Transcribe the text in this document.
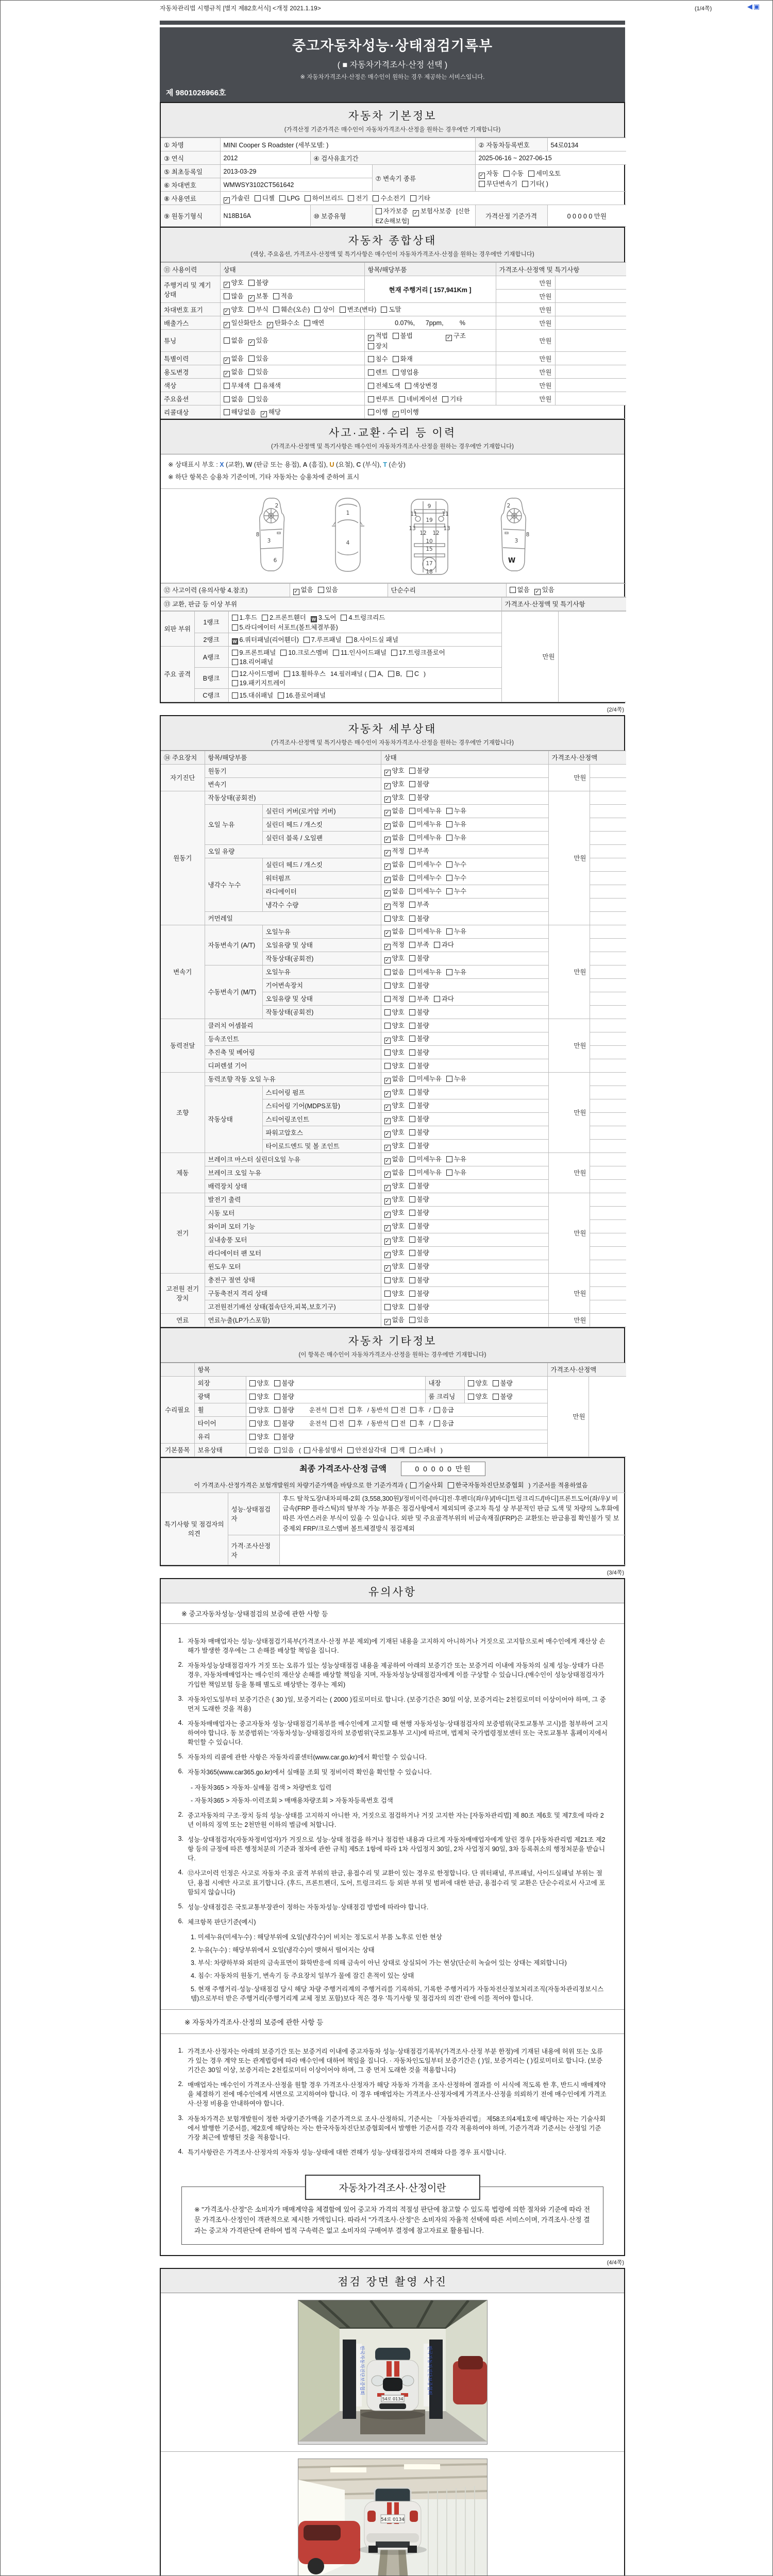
자동차관리법 시행규칙 [별지 제82호서식] <개정 2021.1.19>	(1/4쪽)	◀▣
중고자동차성능·상태점검기록부
( ■ 자동차가격조사·산정 선택 )
※ 자동차가격조사·산정은 매수인이 원하는 경우 제공하는 서비스입니다.
제 9801026966호
자동차 기본정보
(가격산정 기준가격은 매수인이 자동차가격조사·산정을 원하는 경우에만 기재합니다)
① 차명	MINI Cooper S Roadster (세부모델: )			② 자동차등록번호	54로0134
③ 연식	2012	④ 검사유효기간		2025-06-16 ~ 2027-06-15	
⑤ 최초등록일	2013-03-29		⑦ 변속기 종류	✓ 자동 수동 세미오토
무단변속기 기타( )	
⑥ 차대번호	WMWSY3102CT561642				
⑧ 사용연료	✓ 가솔린 디젤 LPG 하이브리드 전기 수소전기 기타				
⑨ 원동기형식	N18B16A	⑩ 보증유형	자가보증 ✓ 보험사보증 [신한EZ손해보험]	가격산정 기준가격	0 0 0 0 0 만원
자동차 종합상태
(색상, 주요옵션, 가격조사·산정액 및 특기사항은 매수인이 자동차가격조사·산정을 원하는 경우에만 기재합니다)
⑪ 사용이력	상태	항목/해당부품	가격조사·산정액 및 특기사항	
주행거리 및 계기상태	✓ 양호 불량	현재 주행거리 [ 157,941Km ]	만원	
	많음 ✓ 보통 적음		만원	
차대번호 표기	✓ 양호 부식 훼손(오손) 상이 변조(변타) 도말		만원	
배출가스	✓ 일산화탄소 ✓ 탄화수소 매연	0.07%,      7ppm,         %	만원	
튜닝	없음 ✓ 있음	✓ 적법 불법 ✓ 구조장치	만원	
특별이력	✓ 없음 있음	침수 화재	만원	
용도변경	✓ 없음 있음	렌트 영업용	만원	
색상	무채색 유채색	전체도색 색상변경	만원	
주요옵션	없음 있음	썬루프 네비게이션 기타	만원	
리콜대상	해당없음 ✓ 해당	이행 ✓ 미이행		
사고·교환·수리 등 이력
(가격조사·산정액 및 특기사항은 매수인이 자동차가격조사·산정을 원하는 경우에만 기재합니다)
※ 상태표시 부호 : X (교환), W (판금 또는 용접), A (흠집), U (요철), C (부식), T (손상)
※ 하단 항목은 승용차 기준이며, 기타 자동차는 승용차에 준하여 표시
2
8
3
6
1
4
9
11	11
19
13	13
12 12
10
15
17
18
2
8
3
W
⑫ 사고이력 (유의사항 4.참조)	✓ 없음 있음	단순수리	없음 ✓ 있음
⑬ 교환, 판금 등 이상 부위	가격조사·산정액 및 특기사항
외판 부위	1랭크	1.후드 2.프론트휀더 W 3.도어 4.트렁크리드
5.라디에이터 서포트(볼트체결부품)	만원	
	2랭크	W 6.쿼터패널(리어휀더) 7.루프패널 8.사이드실 패널		
주요 골격	A랭크	9.프론트패널 10.크로스멤버 11.인사이드패널 17.트렁크플로어
18.리어패널		
	B랭크	12.사이드멤버 13.휠하우스 14.필러패널 ( A, B, C )
19.패키지트레이		
	C랭크	15.대쉬패널 16.플로어패널		
(2/4쪽)
자동차 세부상태
(가격조사·산정액 및 특기사항은 매수인이 자동차가격조사·산정을 원하는 경우에만 기재합니다)
⑭ 주요장치	항목/해당부품		상태	가격조사·산정액	
자기진단	원동기		✓ 양호 불량	만원	
	변속기		✓ 양호 불량		
원동기	작동상태(공회전)		✓ 양호 불량	만원	
	오일 누유	실린더 커버(로커암 커버)	✓ 없음 미세누유 누유		
		실린더 헤드 / 개스킷	✓ 없음 미세누유 누유		
		실린더 블록 / 오일팬	✓ 없음 미세누유 누유		
	오일 유량		✓ 적정 부족		
	냉각수 누수	실린더 헤드 / 개스킷	✓ 없음 미세누수 누수		
		워터펌프	✓ 없음 미세누수 누수		
		라디에이터	✓ 없음 미세누수 누수		
		냉각수 수량	✓ 적정 부족		
	커먼레일		양호 불량		
변속기	자동변속기 (A/T)	오일누유	✓ 없음 미세누유 누유	만원	
		오일유량 및 상태	✓ 적정 부족 과다		
		작동상태(공회전)	✓ 양호 불량		
	수동변속기 (M/T)	오일누유	없음 미세누유 누유		
		기어변속장치	양호 불량		
		오일유량 및 상태	적정 부족 과다		
		작동상태(공회전)	양호 불량		
동력전달	클러치 어셈블리		양호 불량	만원	
	등속조인트		✓ 양호 불량		
	추진축 및 베어링		양호 불량		
	디퍼렌셜 기어		양호 불량		
조향	동력조향 작동 오일 누유		✓ 없음 미세누유 누유	만원	
	작동상태	스티어링 펌프	✓ 양호 불량		
		스티어링 기어(MDPS포함)	✓ 양호 불량		
		스티어링조인트	✓ 양호 불량		
		파워고압호스	✓ 양호 불량		
		타이로드엔드 및 볼 조인트	✓ 양호 불량		
제동	브레이크 마스터 실린더오일 누유		✓ 없음 미세누유 누유	만원	
	브레이크 오일 누유		✓ 없음 미세누유 누유		
	배력장치 상태		✓ 양호 불량		
전기	발전기 출력		✓ 양호 불량	만원	
	시동 모터		✓ 양호 불량		
	와이퍼 모터 기능		✓ 양호 불량		
	실내송풍 모터		✓ 양호 불량		
	라디에이터 팬 모터		✓ 양호 불량		
	윈도우 모터		✓ 양호 불량		
고전원 전기장치	충전구 절연 상태		양호 불량	만원	
	구동축전지 격리 상태		양호 불량		
	고전원전기배선 상태(접속단자,피복,보호기구)		양호 불량		
연료	연료누출(LP가스포함)		✓ 없음 있음	만원	
자동차 기타정보
(이 항목은 매수인이 자동차가격조사·산정을 원하는 경우에만 기재합니다)
	항목				가격조사·산정액	
수리필요	외장	양호 불량	내장	양호 불량	만원	
	광택	양호 불량	룸 크리닝	양호 불량		
	휠	양호 불량 운전석 전 후 / 동반석 전 후 / 응급				
	타이어	양호 불량 운전석 전 후 / 동반석 전 후 / 응급				
	유리	양호 불량				
기본품목	보유상태	없음 있음 ( 사용설명서 안전삼각대 잭 스패너 )				
최종 가격조사·산정 금액	0 0 0 0 0 만원
이 가격조사·산정가격은 보험개발원의 차량기준가액을 바탕으로 한 기준가격과 ( 기술사회 한국자동차진단보증협회 ) 기준서를 적용하였음
특기사항 및 점검자의 의견	성능·상태점검자	후드 탈착도장/내차피해-2회 (3,558,300원)/정비이력-[바디]전·후펜더(좌/우)/[바디]트렁크리드/[바디]프론트도어(좌/우)/ 비금속(FRP 플라스틱)의 탈부착 가능 부품은 점검사항에서 제외되며 중고차 특성 상 부분적인 판금 도색 및 차량의 노후화에 따른 자연스러운 부식이 있을 수 있습니다. 외판 및 주요골격부위의 비금속재질(FRP)은 교환또는 판금용접 확인불가 및 보증제외 FRP/크로스멤버 볼트체결방식 점검제외
	가격·조사산정자	
(3/4쪽)
유의사항
※ 중고자동차성능·상태점검의 보증에 관한 사항 등
1. 자동차 매매업자는 성능·상태점검기록부(가격조사·산정 부분 제외)에 기재된 내용을 고지하지 아니하거나 거짓으로 고지함으로써 매수인에게 재산상 손해가 발생한 경우에는 그 손해를 배상할 책임을 집니다.
2. 자동차성능상태점검자가 거짓 또는 오류가 있는 성능상태점검 내용을 제공하여 아래의 보증기간 또는 보증거리 이내에 자동차의 실제 성능·상태가 다른 경우, 자동차매매업자는 매수인의 재산상 손해를 배상할 책임을 지며, 자동차성능상태점검자에게 이를 구상할 수 있습니다.(매수인이 성능상태점검자가 가입한 책임보험 등을 통해 별도로 배상받는 경우는 제외)
3. 자동차인도일부터 보증기간은 ( 30 )일, 보증거리는 ( 2000 )킬로미터로 합니다. (보증기간은 30일 이상, 보증거리는 2천킬로미터 이상이어야 하며, 그 중 먼저 도래한 것을 적용)
4. 자동차매매업자는 중고자동차 성능·상태점검기록부를 매수인에게 고지할 때 현행 자동차성능·상태점검자의 보증범위(국토교통부 고시)를 첨부하여 고지하여야 합니다. 동 보증범위는 '자동차성능·상태점검자의 보증범위'(국토교통부 고시)에 따르며, 법제처 국가법령정보센터 또는 국토교통부 홈페이지에서 확인할 수 있습니다.
5. 자동차의 리콜에 관한 사항은 자동차리콜센터(www.car.go.kr)에서 확인할 수 있습니다.
6. 자동차365(www.car365.go.kr)에서 실매물 조회 및 정비이력 확인을 확인할 수 있습니다.
- 자동차365 > 자동차·실매물 검색 > 차량번호 입력
- 자동차365 > 자동차·이력조회 > 매매용차량조회 > 자동차등록번호 검색
2. 중고자동차의 구조·장치 등의 성능·상태를 고지하지 아니한 자, 거짓으로 점검하거나 거짓 고지한 자는 [자동차관리법] 제 80조 제6호 및 제7호에 따라 2년 이하의 징역 또는 2천만원 이하의 벌금에 처합니다.
3. 성능·상태점검자(자동차정비업자)가 거짓으로 성능·상태 점검을 하거나 점검한 내용과 다르게 자동차매매업자에게 알린 경우 [자동차관리법 제21조 제2항 등의 규정에 따른 행정처분의 기준과 절차에 관한 규칙] 제5조 1항에 따라 1차 사업정지 30일, 2차 사업정지 90일, 3차 등록취소의 행정처분을 받습니다.
4. ⑫사고이력 인정은 사고로 자동차 주요 골격 부위의 판금, 용접수리 및 교환이 있는 경우로 한정합니다. 단 쿼터패널, 루프패널, 사이드실패널 부위는 절단, 용접 시에만 사고로 표기합니다. (후드, 프론트펜더, 도어, 트렁크리드 등 외판 부위 및 범퍼에 대한 판금, 용접수리 및 교환은 단순수리로서 사고에 포함되지 않습니다)
5. 성능·상태점검은 국토교통부장관이 정하는 자동차성능·상태점검 방법에 따라야 합니다.
6. 체크항목 판단기준(예시)
1. 미세누유(미세누수) : 해당부위에 오일(냉각수)이 비치는 정도로서 부품 노후로 인한 현상
2. 누유(누수) : 해당부위에서 오일(냉각수)이 맺혀서 떨어지는 상태
3. 부식: 차량하부와 외판의 금속표면이 화학반응에 의해 금속이 아닌 상태로 상실되어 가는 현상(단순히 녹슬어 있는 상태는 제외합니다)
4. 침수: 자동차의 원동기, 변속기 등 주요장치 일부가 물에 잠긴 흔적이 있는 상태
5. 현재 주행거리·성능·상태점검 당시 해당 차량 주행거리계의 주행거리를 기록하되, 기록한 주행거리가 자동차전산정보처리조직(자동차관리정보시스템)으로부터 받은 주행거리(주행거리계 교체 정보 포함)보다 적은 경우 '특기사항 및 점검자의 의견' 란에 이를 적어야 합니다.
※ 자동차가격조사·산정의 보증에 관한 사항 등
1. 가격조사·산정자는 아래의 보증기간 또는 보증거리 이내에 중고자동차 성능·상태점검기록부(가격조사·산정 부분 한정)에 기재된 내용에 허위 또는 오류가 있는 경우 계약 또는 관계법령에 따라 매수인에 대하여 책임을 집니다. · 자동차인도일부터 보증기간은 ( )일, 보증거리는 ( )킬로미터로 합니다. (보증기간은 30일 이상, 보증거리는 2천킬로미터 이상이어야 하며, 그 중 먼저 도래한 것을 적용합니다)
2. 매매업자는 매수인이 가격조사·산정을 원할 경우 가격조사·산정자가 해당 자동차 가격을 조사·산정하여 결과를 이 서식에 적도록 한 후, 반드시 매매계약을 체결하기 전에 매수인에게 서면으로 고지하여야 합니다. 이 경우 매매업자는 가격조사·산정자에게 가격조사·산정을 의뢰하기 전에 매수인에게 가격조사·산정 비용을 안내하여야 합니다.
3. 자동차가격은 보험개발원이 정한 차량기준가액을 기준가격으로 조사·산정하되, 기준서는 「자동차관리법」 제58조의4제1호에 해당하는 자는 기술사회에서 발행한 기준서를, 제2호에 해당하는 자는 한국자동차진단보증협회에서 발행한 기준서를 각각 적용하여야 하며, 기준가격과 기준서는 산정일 기준 가장 최근에 발행된 것을 적용합니다.
4. 특기사항란은 가격조사·산정자의 자동차 성능·상태에 대한 견해가 성능·상태점검자의 견해와 다를 경우 표시합니다.
자동차가격조사·산정이란
※ "가격조사·산정"은 소비자가 매매계약을 체결함에 있어 중고차 가격의 적절성 판단에 참고할 수 있도록 법령에 의한 절차와 기준에 따라 전문 가격조사·산정인이 객관적으로 제시한 가액입니다. 따라서 "가격조사·산정"은 소비자의 자율적 선택에 따른 서비스이며, 가격조사·산정 결과는 중고차 가격판단에 관하여 법적 구속력은 없고 소비자의 구매여부 결정에 참고자료로 활용됩니다.
(4/4쪽)
점검 장면 촬영 사진
한국자동차진단보증협회	한국자동차진단보증협회
54로 0134
54로 0134
